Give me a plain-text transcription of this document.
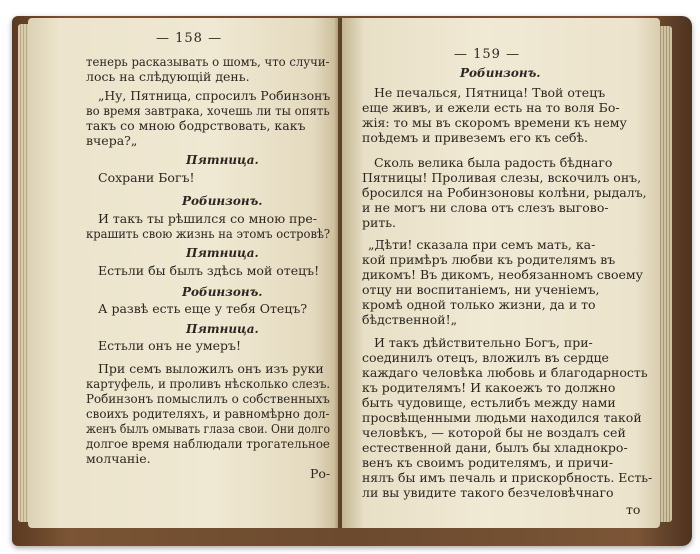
— 158 —
тенерь расказывать о шомъ, что случи-
лось на слѣдующій день.
„Ну, Пятница, спросилъ Робинзонъ
во время завтрака, хочешь ли ты опять
такъ со мною бодрствовать, какъ
вчера?„
Пятница.
Сохрани Богъ!
Робинзонъ.
И такъ ты рѣшился со мною пре-
крашить свою жизнь на этомъ островѣ?
Пятница.
Естьли бы былъ здѣсь мой отецъ!
Робинзонъ.
А развѣ есть еще у тебя Отецъ?
Пятница.
Естьли онъ не умеръ!
При семъ выложилъ онъ изъ руки
картуфель, и проливъ нѣсколько слезъ.
Робинзонъ помыслилъ о собственныхъ
своихъ родителяхъ, и равномѣрно дол-
женъ былъ омывать глаза свои. Они долго
долгое время наблюдали трогательное
молчаніе.
Ро-
— 159 —
Робинзонъ.
Не печалься, Пятница! Твой отецъ
еще живъ, и ежели есть на то воля Бо-
жія: то мы въ скоромъ времени къ нему
поѣдемъ и привеземъ его къ себѣ.
Сколь велика была радость бѣднаго
Пятницы! Проливая слезы, вскочилъ онъ,
бросился на Робинзоновы колѣни, рыдалъ,
и не могъ ни слова отъ слезъ выгово-
рить.
„Дѣти! сказала при семъ мать, ка-
кой примѣръ любви къ родителямъ въ
дикомъ! Въ дикомъ, необязанномъ своему
отцу ни воспитаніемъ, ни ученіемъ,
кромѣ одной только жизни, да и то
бѣдственной!„
И такъ дѣйствительно Богъ, при-
соединилъ отецъ, вложилъ въ сердце
каждаго человѣка любовь и благодарность
къ родителямъ! И какоежъ то должно
быть чудовище, естьлибъ между нами
просвѣщенными людьми находился такой
человѣкъ, — которой бы не воздалъ сей
естественной дани, былъ бы хладнокро-
венъ къ своимъ родителямъ, и причи-
нялъ бы имъ печаль и прискорбность. Есть-
ли вы увидите такого безчеловѣчнаго
то
